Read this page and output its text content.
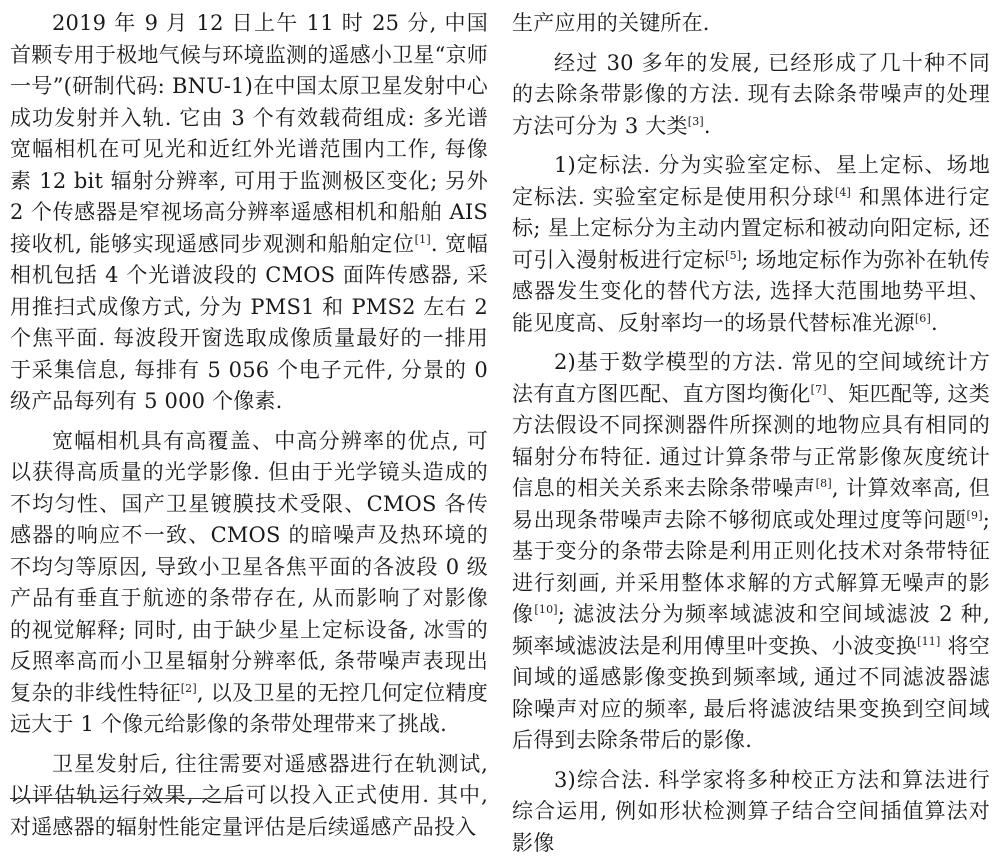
2019 年 9 月 12 日上午 11 时 25 分, 中国首颗专用于极地气候与环境监测的遥感小卫星“京师一号”(研制代码: BNU-1)在中国太原卫星发射中心成功发射并入轨. 它由 3 个有效载荷组成: 多光谱宽幅相机在可见光和近红外光谱范围内工作, 每像素 12 bit 辐射分辨率, 可用于监测极区变化; 另外 2 个传感器是窄视场高分辨率遥感相机和船舶 AIS 接收机, 能够实现遥感同步观测和船舶定位[1]. 宽幅相机包括 4 个光谱波段的 CMOS 面阵传感器, 采用推扫式成像方式, 分为 PMS1 和 PMS2 左右 2 个焦平面. 每波段开窗选取成像质量最好的一排用于采集信息, 每排有 5 056 个电子元件, 分景的 0 级产品每列有 5 000 个像素.

宽幅相机具有高覆盖、中高分辨率的优点, 可以获得高质量的光学影像. 但由于光学镜头造成的不均匀性、国产卫星镀膜技术受限、CMOS 各传感器的响应不一致、CMOS 的暗噪声及热环境的不均匀等原因, 导致小卫星各焦平面的各波段 0 级产品有垂直于航迹的条带存在, 从而影响了对影像的视觉解释; 同时, 由于缺少星上定标设备, 冰雪的反照率高而小卫星辐射分辨率低, 条带噪声表现出复杂的非线性特征[2], 以及卫星的无控几何定位精度远大于 1 个像元给影像的条带处理带来了挑战.

卫星发射后, 往往需要对遥感器进行在轨测试, 以评估轨运行效果, 之后可以投入正式使用. 其中, 对遥感器的辐射性能定量评估是后续遥感产品投入

生产应用的关键所在.

经过 30 多年的发展, 已经形成了几十种不同的去除条带影像的方法. 现有去除条带噪声的处理方法可分为 3 大类[3].

1)定标法. 分为实验室定标、星上定标、场地定标法. 实验室定标是使用积分球[4] 和黑体进行定标; 星上定标分为主动内置定标和被动向阳定标, 还可引入漫射板进行定标[5]; 场地定标作为弥补在轨传感器发生变化的替代方法, 选择大范围地势平坦、能见度高、反射率均一的场景代替标准光源[6].

2)基于数学模型的方法. 常见的空间域统计方法有直方图匹配、直方图均衡化[7]、矩匹配等, 这类方法假设不同探测器件所探测的地物应具有相同的辐射分布特征. 通过计算条带与正常影像灰度统计信息的相关关系来去除条带噪声[8], 计算效率高, 但易出现条带噪声去除不够彻底或处理过度等问题[9]; 基于变分的条带去除是利用正则化技术对条带特征进行刻画, 并采用整体求解的方式解算无噪声的影像[10]; 滤波法分为频率域滤波和空间域滤波 2 种, 频率域滤波法是利用傅里叶变换、小波变换[11] 将空间域的遥感影像变换到频率域, 通过不同滤波器滤除噪声对应的频率, 最后将滤波结果变换到空间域后得到去除条带后的影像.

3)综合法. 科学家将多种校正方法和算法进行综合运用, 例如形状检测算子结合空间插值算法对影像
